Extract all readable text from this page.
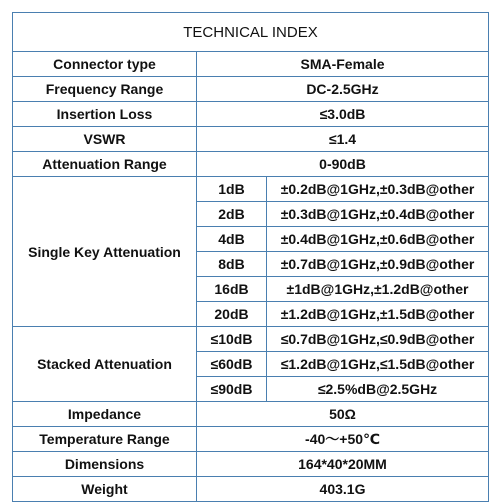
TECHNICAL INDEX		
Connector type	SMA-Female	
Frequency Range	DC-2.5GHz	
Insertion Loss	≤3.0dB	
VSWR	≤1.4	
Attenuation Range	0-90dB	
Single Key Attenuation	1dB	±0.2dB@1GHz,±0.3dB@other
	2dB	±0.3dB@1GHz,±0.4dB@other
	4dB	±0.4dB@1GHz,±0.6dB@other
	8dB	±0.7dB@1GHz,±0.9dB@other
	16dB	±1dB@1GHz,±1.2dB@other
	20dB	±1.2dB@1GHz,±1.5dB@other
Stacked Attenuation	≤10dB	≤0.7dB@1GHz,≤0.9dB@other
	≤60dB	≤1.2dB@1GHz,≤1.5dB@other
	≤90dB	≤2.5%dB@2.5GHz
Impedance	50Ω	
Temperature Range	-40～+50℃	
Dimensions	164*40*20MM	
Weight	403.1G	
